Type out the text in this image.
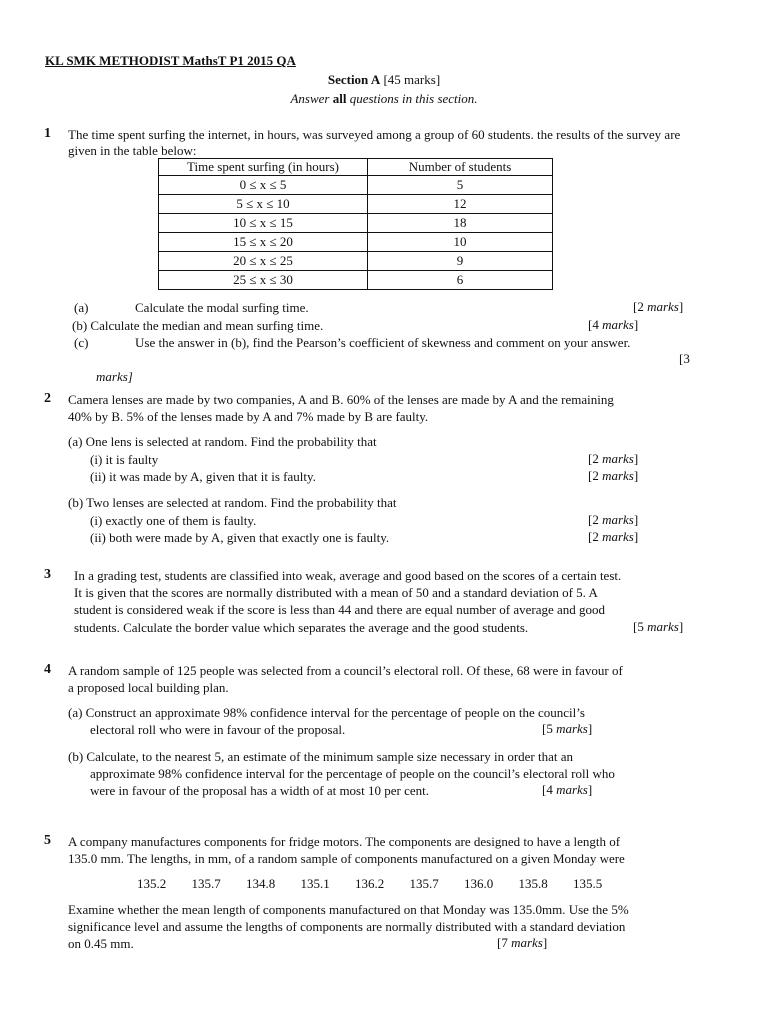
KL SMK METHODIST MathsT P1 2015 QA
Section A [45 marks]
Answer all questions in this section.
1 The time spent surfing the internet, in hours, was surveyed among a group of 60 students. the results of the survey are
given in the table below:
Time spent surfing (in hours)	Number of students
0 ≤ x ≤ 5	5
5 ≤ x ≤ 10	12
10 ≤ x ≤ 15	18
15 ≤ x ≤ 20	10
20 ≤ x ≤ 25	9
25 ≤ x ≤ 30	6
(a)	Calculate the modal surfing time.	[2 marks]
(b) Calculate the median and mean surfing time.	[4 marks]
(c)	Use the answer in (b), find the Pearson’s coefficient of skewness and comment on your answer.
[3
marks]
2 Camera lenses are made by two companies, A and B. 60% of the lenses are made by A and the remaining
40% by B. 5% of the lenses made by A and 7% made by B are faulty.
(a) One lens is selected at random. Find the probability that
(i) it is faulty	[2 marks]
(ii) it was made by A, given that it is faulty.	[2 marks]
(b) Two lenses are selected at random. Find the probability that
(i) exactly one of them is faulty.	[2 marks]
(ii) both were made by A, given that exactly one is faulty.	[2 marks]
3 In a grading test, students are classified into weak, average and good based on the scores of a certain test.
It is given that the scores are normally distributed with a mean of 50 and a standard deviation of 5. A
student is considered weak if the score is less than 44 and there are equal number of average and good
students. Calculate the border value which separates the average and the good students.	[5 marks]
4 A random sample of 125 people was selected from a council’s electoral roll. Of these, 68 were in favour of
a proposed local building plan.
(a) Construct an approximate 98% confidence interval for the percentage of people on the council’s
electoral roll who were in favour of the proposal.	[5 marks]
(b) Calculate, to the nearest 5, an estimate of the minimum sample size necessary in order that an
approximate 98% confidence interval for the percentage of people on the council’s electoral roll who
were in favour of the proposal has a width of at most 10 per cent.	[4 marks]
5 A company manufactures components for fridge motors. The components are designed to have a length of
135.0 mm. The lengths, in mm, of a random sample of components manufactured on a given Monday were
135.2 135.7 134.8 135.1 136.2 135.7 136.0 135.8 135.5
Examine whether the mean length of components manufactured on that Monday was 135.0mm. Use the 5%
significance level and assume the lengths of components are normally distributed with a standard deviation
on 0.45 mm.	[7 marks]
